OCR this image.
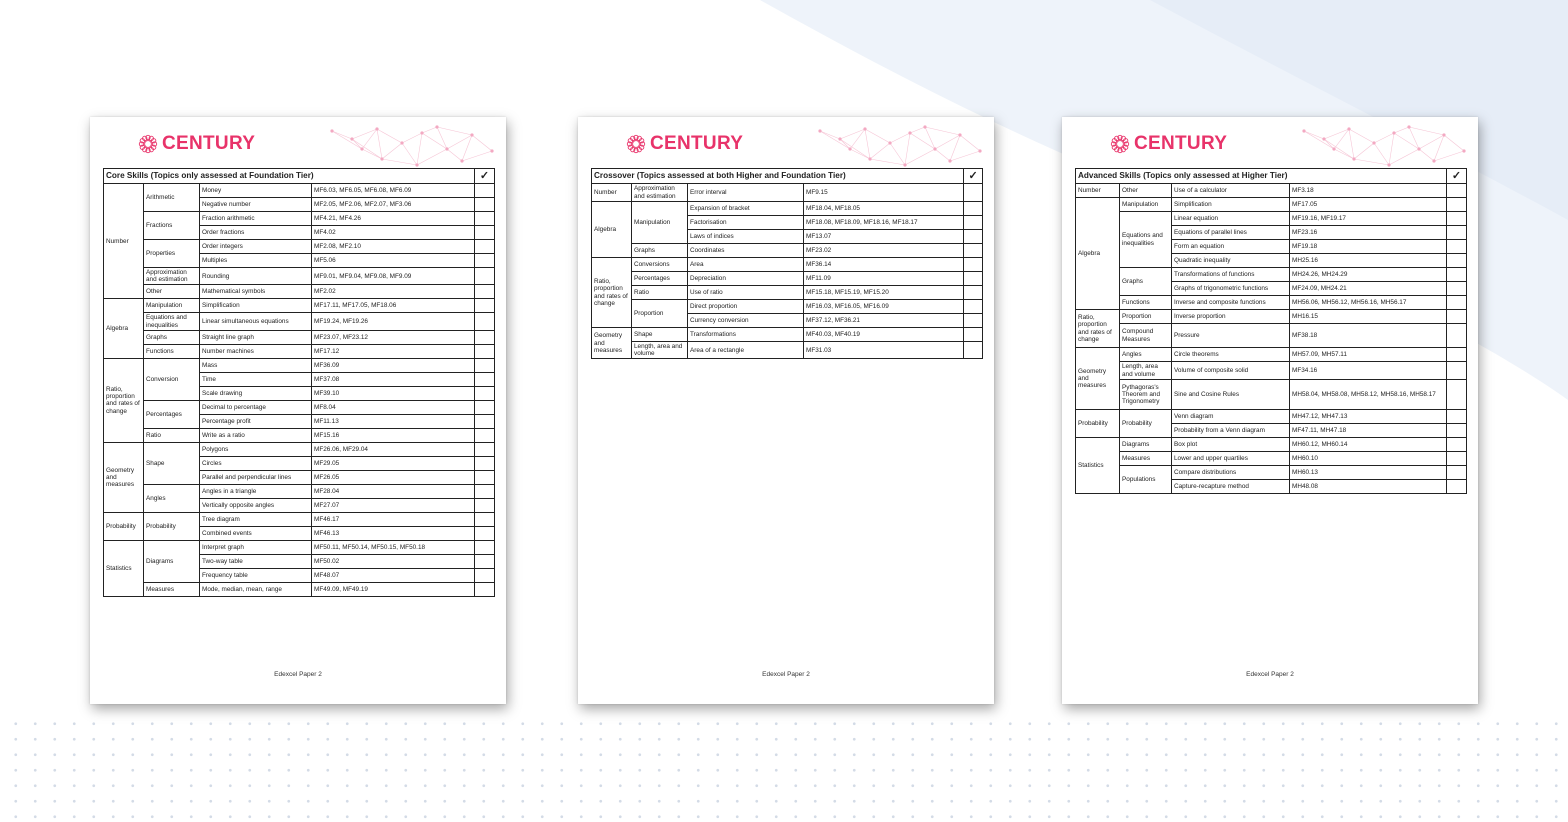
CENTURY
Core Skills (Topics only assessed at Foundation Tier)				✓
Number	Arithmetic	Money	MF6.03, MF6.05, MF6.08, MF6.09	
		Negative number	MF2.05, MF2.06, MF2.07, MF3.06	
	Fractions	Fraction arithmetic	MF4.21, MF4.26	
		Order fractions	MF4.02	
	Properties	Order integers	MF2.08, MF2.10	
		Multiples	MF5.06	
	Approximation and estimation	Rounding	MF9.01, MF9.04, MF9.08, MF9.09	
	Other	Mathematical symbols	MF2.02	
Algebra	Manipulation	Simplification	MF17.11, MF17.05, MF18.06	
	Equations and inequalities	Linear simultaneous equations	MF19.24, MF19.26	
	Graphs	Straight line graph	MF23.07, MF23.12	
	Functions	Number machines	MF17.12	
Ratio, proportion and rates of change	Conversion	Mass	MF36.09	
		Time	MF37.08	
		Scale drawing	MF39.10	
	Percentages	Decimal to percentage	MF8.04	
		Percentage profit	MF11.13	
	Ratio	Write as a ratio	MF15.16	
Geometry and measures	Shape	Polygons	MF26.06, MF29.04	
		Circles	MF29.05	
		Parallel and perpendicular lines	MF26.05	
	Angles	Angles in a triangle	MF28.04	
		Vertically opposite angles	MF27.07	
Probability	Probability	Tree diagram	MF46.17	
		Combined events	MF46.13	
Statistics	Diagrams	Interpret graph	MF50.11, MF50.14, MF50.15, MF50.18	
		Two-way table	MF50.02	
		Frequency table	MF48.07	
	Measures	Mode, median, mean, range	MF49.09, MF49.19	
Edexcel Paper 2
CENTURY
Crossover (Topics assessed at both Higher and Foundation Tier)				✓
Number	Approximation and estimation	Error interval	MF9.15	
Algebra	Manipulation	Expansion of bracket	MF18.04, MF18.05	
		Factorisation	MF18.08, MF18.09, MF18.16, MF18.17	
		Laws of indices	MF13.07	
	Graphs	Coordinates	MF23.02	
Ratio, proportion and rates of change	Conversions	Area	MF36.14	
	Percentages	Depreciation	MF11.09	
	Ratio	Use of ratio	MF15.18, MF15.19, MF15.20	
	Proportion	Direct proportion	MF16.03, MF16.05, MF16.09	
		Currency conversion	MF37.12, MF36.21	
Geometry and measures	Shape	Transformations	MF40.03, MF40.19	
	Length, area and volume	Area of a rectangle	MF31.03	
Edexcel Paper 2
CENTURY
Advanced Skills (Topics only assessed at Higher Tier)				✓
Number	Other	Use of a calculator	MF3.18	
Algebra	Manipulation	Simplification	MF17.05	
	Equations and inequalities	Linear equation	MF19.16, MF19.17	
		Equations of parallel lines	MF23.16	
		Form an equation	MF19.18	
		Quadratic inequality	MH25.16	
	Graphs	Transformations of functions	MH24.26, MH24.29	
		Graphs of trigonometric functions	MF24.09, MH24.21	
	Functions	Inverse and composite functions	MH56.06, MH56.12, MH56.16, MH56.17	
Ratio, proportion and rates of change	Proportion	Inverse proportion	MH16.15	
	Compound Measures	Pressure	MF38.18	
Geometry and measures	Angles	Circle theorems	MH57.09, MH57.11	
	Length, area and volume	Volume of composite solid	MF34.16	
	Pythagoras's Theorem and Trigonometry	Sine and Cosine Rules	MH58.04, MH58.08, MH58.12, MH58.16, MH58.17	
Probability	Probability	Venn diagram	MH47.12, MH47.13	
		Probability from a Venn diagram	MF47.11, MH47.18	
Statistics	Diagrams	Box plot	MH60.12, MH60.14	
	Measures	Lower and upper quartiles	MH60.10	
	Populations	Compare distributions	MH60.13	
		Capture-recapture method	MH48.08	
Edexcel Paper 2
